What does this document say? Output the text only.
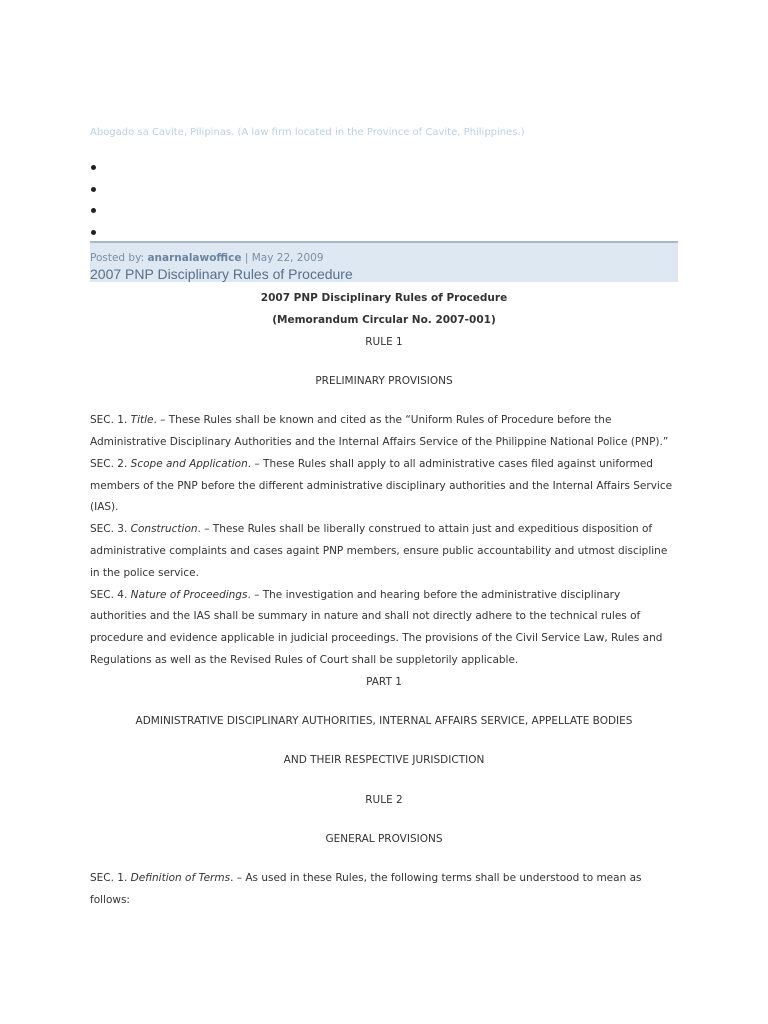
Abogado sa Cavite, Pilipinas. (A law firm located in the Province of Cavite, Philippines.)
Posted by: anarnalawoffice | May 22, 2009
2007 PNP Disciplinary Rules of Procedure

2007 PNP Disciplinary Rules of Procedure

(Memorandum Circular No. 2007-001)

RULE 1

PRELIMINARY PROVISIONS

SEC. 1. Title. – These Rules shall be known and cited as the “Uniform Rules of Procedure before the Administrative Disciplinary Authorities and the Internal Affairs Service of the Philippine National Police (PNP).”

SEC. 2. Scope and Application. – These Rules shall apply to all administrative cases filed against uniformed members of the PNP before the different administrative disciplinary authorities and the Internal Affairs Service (IAS).

SEC. 3. Construction. – These Rules shall be liberally construed to attain just and expeditious disposition of administrative complaints and cases againt PNP members, ensure public accountability and utmost discipline in the police service.

SEC. 4. Nature of Proceedings. – The investigation and hearing before the administrative disciplinary authorities and the IAS shall be summary in nature and shall not directly adhere to the technical rules of procedure and evidence applicable in judicial proceedings. The provisions of the Civil Service Law, Rules and Regulations as well as the Revised Rules of Court shall be suppletorily applicable.

PART 1

ADMINISTRATIVE DISCIPLINARY AUTHORITIES, INTERNAL AFFAIRS SERVICE, APPELLATE BODIES

AND THEIR RESPECTIVE JURISDICTION

RULE 2

GENERAL PROVISIONS

SEC. 1. Definition of Terms. – As used in these Rules, the following terms shall be understood to mean as follows:
